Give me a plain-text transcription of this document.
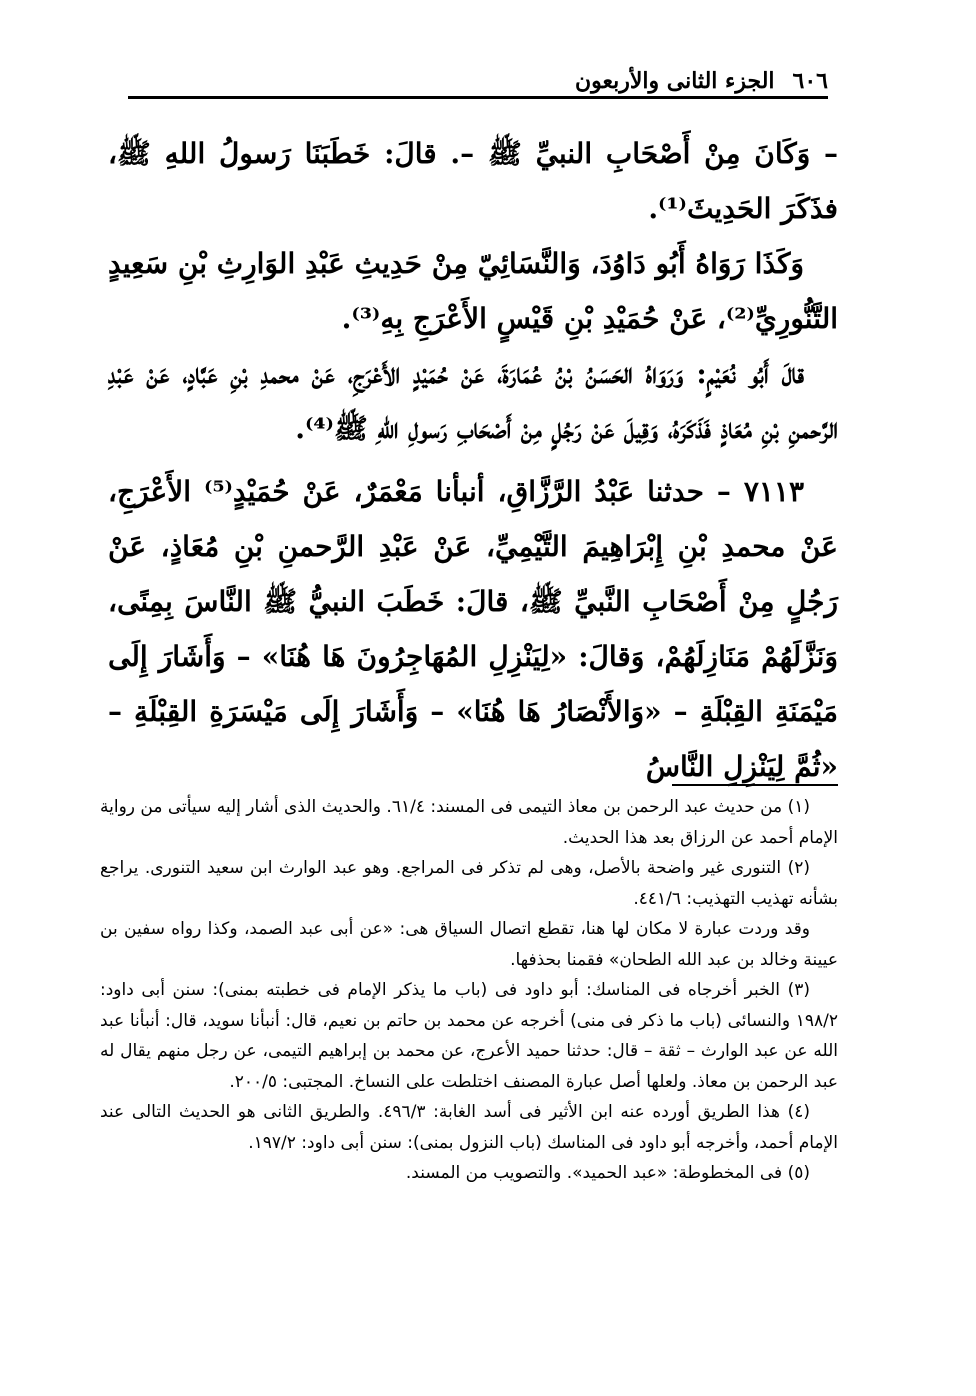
٦٠٦
الجزء الثانى والأربعون

– وَكَانَ مِنْ أَصْحَابِ النبيِّ ﷺ –. قالَ: خَطَبَنَا رَسولُ اللهِ ﷺ، فذَكَرَ الحَدِيثَ⁽¹⁾.

وَكَذَا رَوَاهُ أَبُو دَاوُدَ، وَالنَّسَائِيّ مِنْ حَدِيثِ عَبْدِ الوَارِثِ بْنِ سَعِيدٍ التَّنُّورِيِّ⁽²⁾، عَنْ حُمَيْدِ بْنِ قَيْسٍ الأَعْرَجِ بِهِ⁽³⁾.

قالَ أَبُو نُعَيْمٍ: وَرَوَاهُ الحَسَنُ بْنُ عُمَارَةَ، عَنْ حُمَيْدٍ الأَعْرَجِ، عَنْ محمدِ بْنِ عَبَّادٍ، عَنْ عَبْدِ الرَّحمنِ بْنِ مُعَاذٍ فَذَكَرَهُ، وَقِيلَ عَنْ رَجُلٍ مِنْ أَصْحَابِ رَسولِ اللهِ ﷺ⁽⁴⁾.

٧١١٣ – حدثنا عَبْدُ الرَّزَّاقِ، أنبأنا مَعْمَرٌ، عَنْ حُمَيْدٍ⁽⁵⁾ الأَعْرَجِ، عَنْ محمدِ بْنِ إِبْرَاهِيمَ التَّيْمِيِّ، عَنْ عَبْدِ الرَّحمنِ بْنِ مُعَاذٍ، عَنْ رَجُلٍ مِنْ أَصْحَابِ النَّبيِّ ﷺ، قالَ: خَطَبَ النبيُّ ﷺ النَّاسَ بِمِنًى، وَنَزَّلَهُمْ مَنَازِلَهُمْ، وَقالَ: «لِيَنْزِلِ المُهَاجِرُونَ هَا هُنَا» – وَأَشَارَ إِلَى مَيْمَنَةِ القِبْلَةِ – «وَالأَنْصَارُ هَا هُنَا» – وَأَشَارَ إِلَى مَيْسَرَةِ القِبْلَةِ – «ثُمَّ لِيَنْزِلِ النَّاسُ

(١) من حديث عبد الرحمن بن معاذ التيمى فى المسند: ٦١/٤. والحديث الذى أشار إليه سيأتى من رواية الإمام أحمد عن الرزاق بعد هذا الحديث.

(٢) التنورى غير واضحة بالأصل، وهى لم تذكر فى المراجع. وهو عبد الوارث ابن سعيد التنورى. يراجع بشأنه تهذيب التهذيب: ٤٤١/٦.

وقد وردت عبارة لا مكان لها هنا، تقطع اتصال السياق هى: «عن أبى عبد الصمد، وكذا رواه سفين بن عيينة وخالد بن عبد الله الطحان» فقمنا بحذفها.

(٣) الخبر أخرجاه فى المناسك: أبو داود فى (باب ما يذكر الإمام فى خطبته بمنى): سنن أبى داود: ١٩٨/٢ والنسائى (باب ما ذكر فى منى) أخرجه عن محمد بن حاتم بن نعيم، قال: أنبأنا سويد، قال: أنبأنا عبد الله عن عبد الوارث – ثقة – قال: حدثنا حميد الأعرج، عن محمد بن إبراهيم التيمى، عن رجل منهم يقال له عبد الرحمن بن معاذ. ولعلها أصل عبارة المصنف اختلطت على النساخ. المجتبى: ٢٠٠/٥.

(٤) هذا الطريق أورده عنه ابن الأثير فى أسد الغابة: ٤٩٦/٣. والطريق الثانى هو الحديث التالى عند الإمام أحمد، وأخرجه أبو داود فى المناسك (باب النزول بمنى): سنن أبى داود: ١٩٧/٢.

(٥) فى المخطوطة: «عبد الحميد». والتصويب من المسند.
